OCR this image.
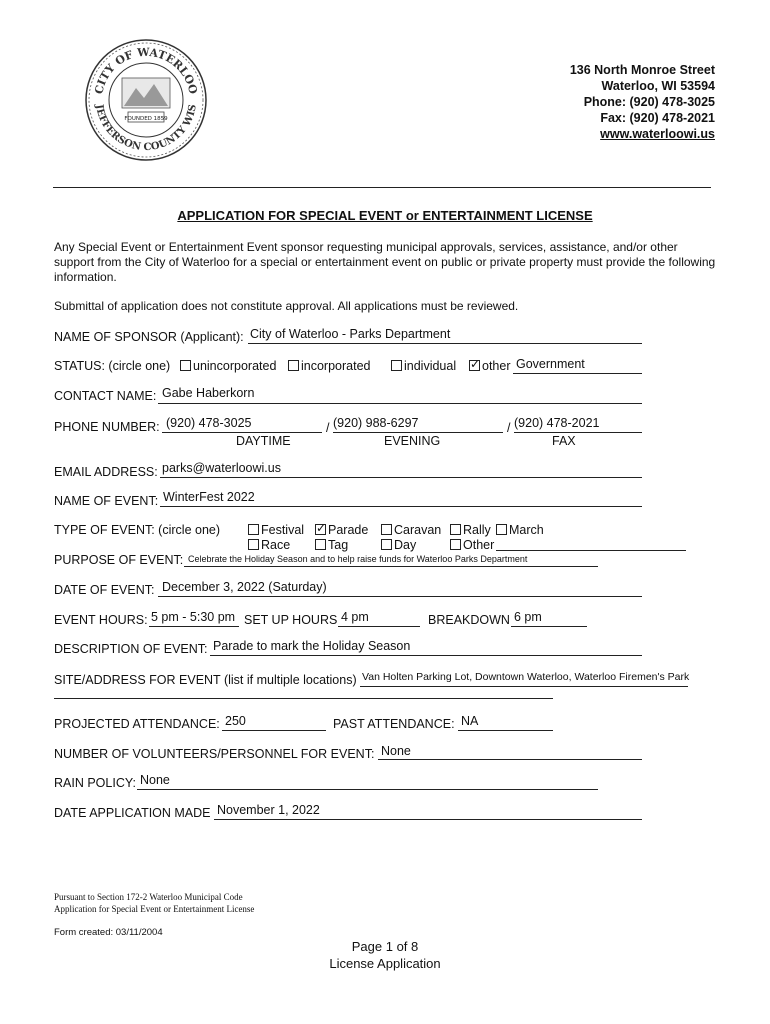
CITY OF WATERLOO
JEFFERSON COUNTY WIS
FOUNDED 1859
136 North Monroe Street
Waterloo, WI 53594
Phone: (920) 478-3025
Fax: (920) 478-2021
www.waterloowi.us
APPLICATION FOR SPECIAL EVENT or ENTERTAINMENT LICENSE
Any Special Event or Entertainment Event sponsor requesting municipal approvals, services, assistance, and/or other support from the City of Waterloo for a special or entertainment event on public or private property must provide the following information.
Submittal of application does not constitute approval. All applications must be reviewed.
NAME OF SPONSOR (Applicant): City of Waterloo - Parks Department
STATUS: (circle one)	unincorporated	incorporated	individual ✓	other Government
CONTACT NAME: Gabe Haberkorn
PHONE NUMBER: (920) 478-3025	/ (920) 988-6297	/ (920) 478-2021
DAYTIME	EVENING	FAX
EMAIL ADDRESS: parks@waterloowi.us
NAME OF EVENT: WinterFest 2022
TYPE OF EVENT: (circle one)	Festival ✓	Parade	Caravan	Rally	March
Race	Tag	Day	Other
PURPOSE OF EVENT: Celebrate the Holiday Season and to help raise funds for Waterloo Parks Department
DATE OF EVENT: December 3, 2022 (Saturday)
EVENT HOURS: 5 pm - 5:30 pm SET UP HOURS 4 pm	BREAKDOWN 6 pm
DESCRIPTION OF EVENT: Parade to mark the Holiday Season
SITE/ADDRESS FOR EVENT (list if multiple locations) Van Holten Parking Lot, Downtown Waterloo, Waterloo Firemen's Park
PROJECTED ATTENDANCE: 250	PAST ATTENDANCE: NA
NUMBER OF VOLUNTEERS/PERSONNEL FOR EVENT: None
RAIN POLICY: None
DATE APPLICATION MADE November 1, 2022
Pursuant to Section 172-2 Waterloo Municipal Code
Application for Special Event or Entertainment License
Form created: 03/11/2004
Page 1 of 8
License Application
